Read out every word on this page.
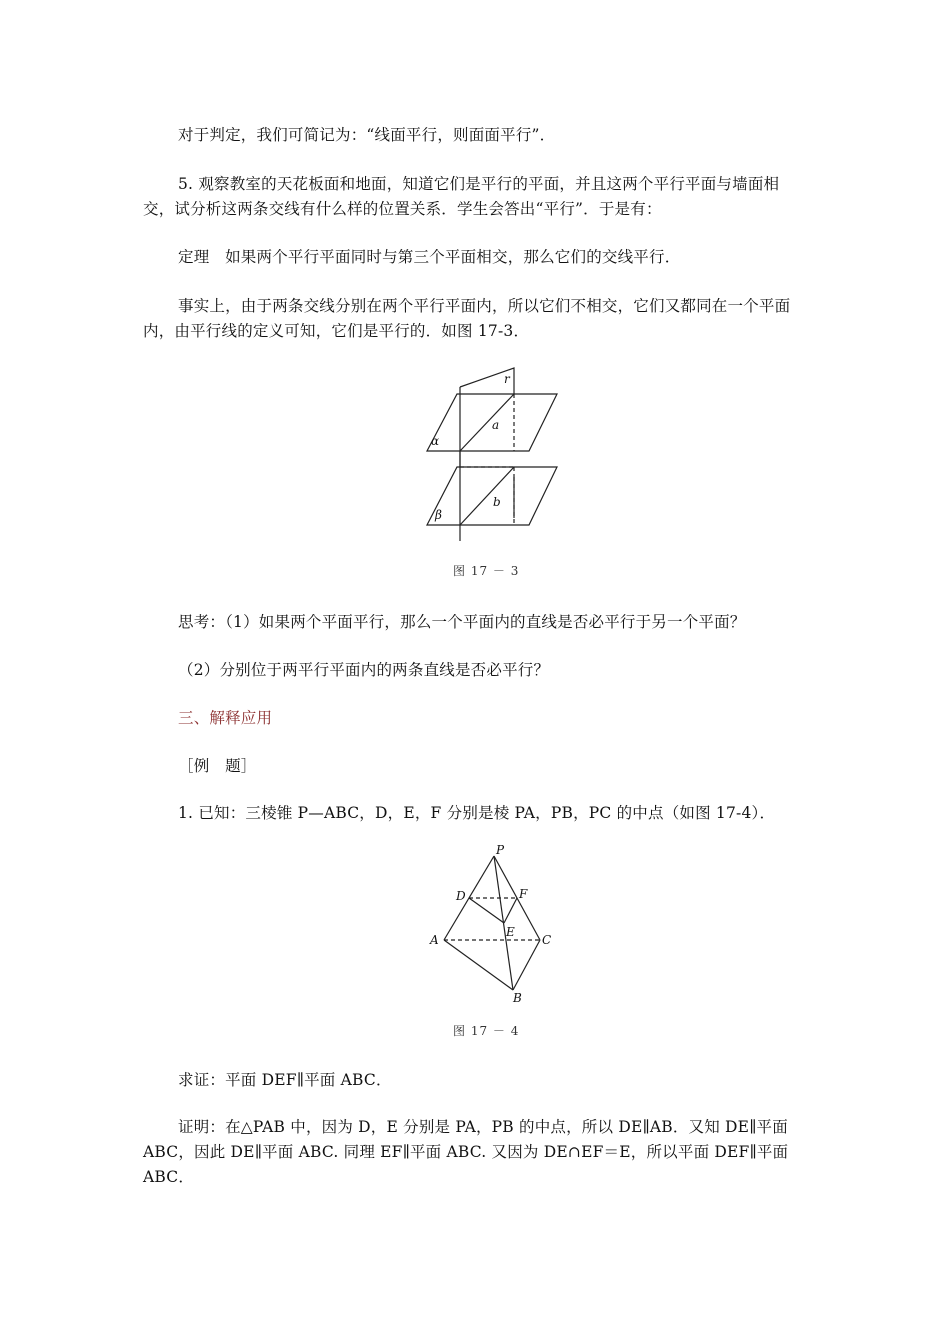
对于判定，我们可简记为：“线面平行，则面面平行”．

5. 观察教室的天花板面和地面，知道它们是平行的平面，并且这两个平行平面与墙面相交，试分析这两条交线有什么样的位置关系．学生会答出“平行”．于是有：

定理　如果两个平行平面同时与第三个平面相交，那么它们的交线平行．

事实上，由于两条交线分别在两个平行平面内，所以它们不相交，它们又都同在一个平面内，由平行线的定义可知，它们是平行的．如图 17-3．

r
α
β
a
b
图 17 － 3

思考：（1）如果两个平面平行，那么一个平面内的直线是否必平行于另一个平面？

（2）分别位于两平行平面内的两条直线是否必平行？

三、解释应用

［例　题］

1. 已知：三棱锥 P—ABC，D，E，F 分别是棱 PA，PB，PC 的中点（如图 17-4）．

P
D	F
A
E
C
B
图 17 － 4

求证：平面 DEF∥平面 ABC．

证明：在△PAB 中，因为 D，E 分别是 PA，PB 的中点，所以 DE∥AB．又知 DE∥平面 ABC，因此 DE∥平面 ABC. 同理 EF∥平面 ABC. 又因为 DE∩EF＝E，所以平面 DEF∥平面 ABC．
